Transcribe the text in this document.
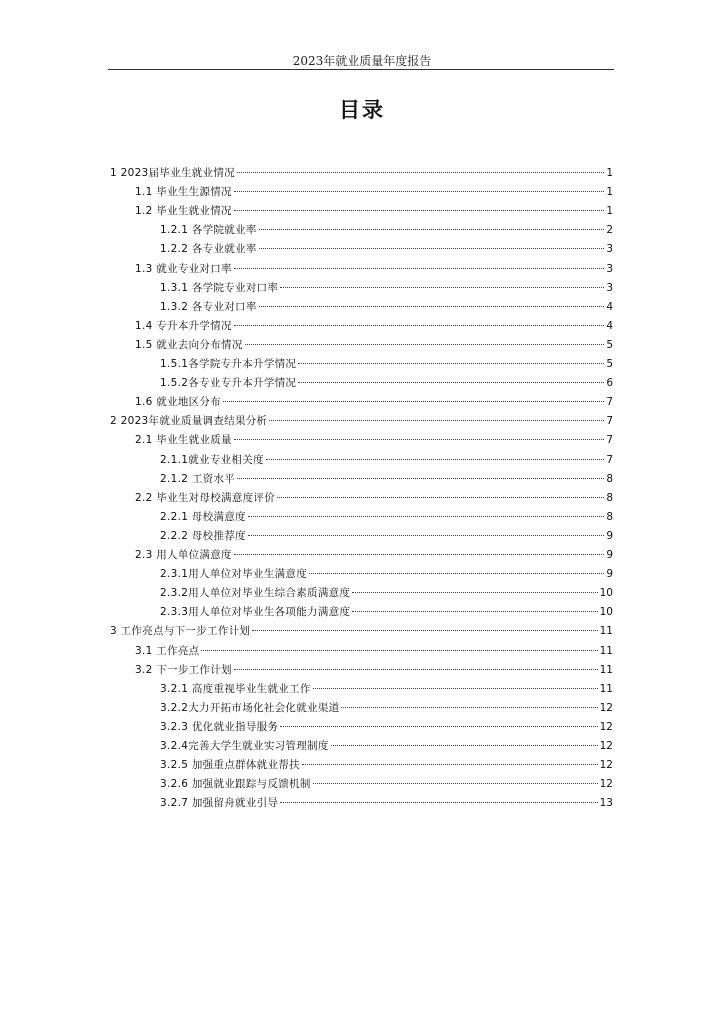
2023年就业质量年度报告
目录
1 2023届毕业生就业情况	1
1.1 毕业生生源情况	1
1.2 毕业生就业情况	1
1.2.1 各学院就业率	2
1.2.2 各专业就业率	3
1.3 就业专业对口率	3
1.3.1 各学院专业对口率	3
1.3.2 各专业对口率	4
1.4 专升本升学情况	4
1.5 就业去向分布情况	5
1.5.1各学院专升本升学情况	5
1.5.2各专业专升本升学情况	6
1.6 就业地区分布	7
2 2023年就业质量调查结果分析	7
2.1 毕业生就业质量	7
2.1.1就业专业相关度	7
2.1.2 工资水平	8
2.2 毕业生对母校满意度评价	8
2.2.1 母校满意度	8
2.2.2 母校推荐度	9
2.3 用人单位满意度	9
2.3.1用人单位对毕业生满意度	9
2.3.2用人单位对毕业生综合素质满意度	10
2.3.3用人单位对毕业生各项能力满意度	10
3 工作亮点与下一步工作计划	11
3.1 工作亮点	11
3.2 下一步工作计划	11
3.2.1 高度重视毕业生就业工作	11
3.2.2大力开拓市场化社会化就业渠道	12
3.2.3 优化就业指导服务	12
3.2.4完善大学生就业实习管理制度	12
3.2.5 加强重点群体就业帮扶	12
3.2.6 加强就业跟踪与反馈机制	12
3.2.7 加强留舟就业引导	13
